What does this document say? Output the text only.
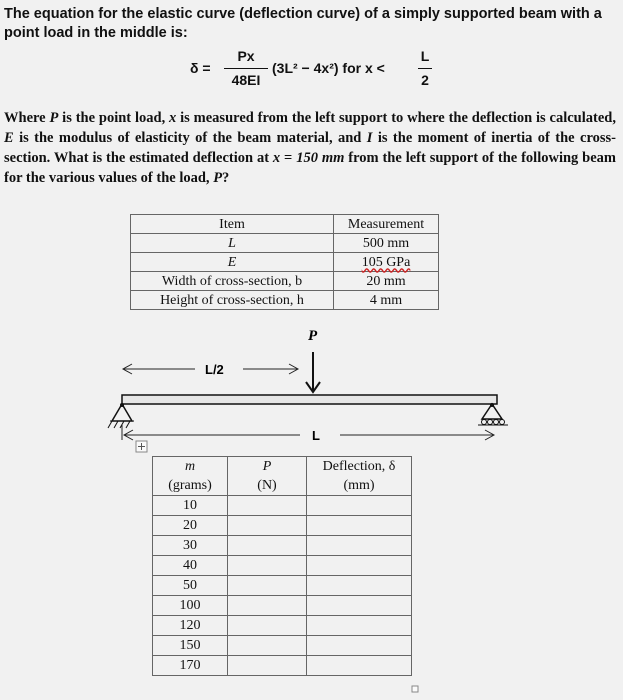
The equation for the elastic curve (deflection curve) of a simply supported beam with a point load in the middle is:
δ =
Px
48EI
(3L² − 4x²) for x <
L
2
Where P is the point load, x is measured from the left support to where the deflection is calculated, E is the modulus of elasticity of the beam material, and I is the moment of inertia of the cross-section. What is the estimated deflection at x = 150 mm from the left support of the following beam for the various values of the load, P?
Item	Measurement
L	500 mm
E	105 GPa
Width of cross-section, b	20 mm
Height of cross-section, h	4 mm
L/2
P
L
m	P	Deflection, δ
(grams)	(N)	(mm)
10		
20		
30		
40		
50		
100		
120		
150		
170		
